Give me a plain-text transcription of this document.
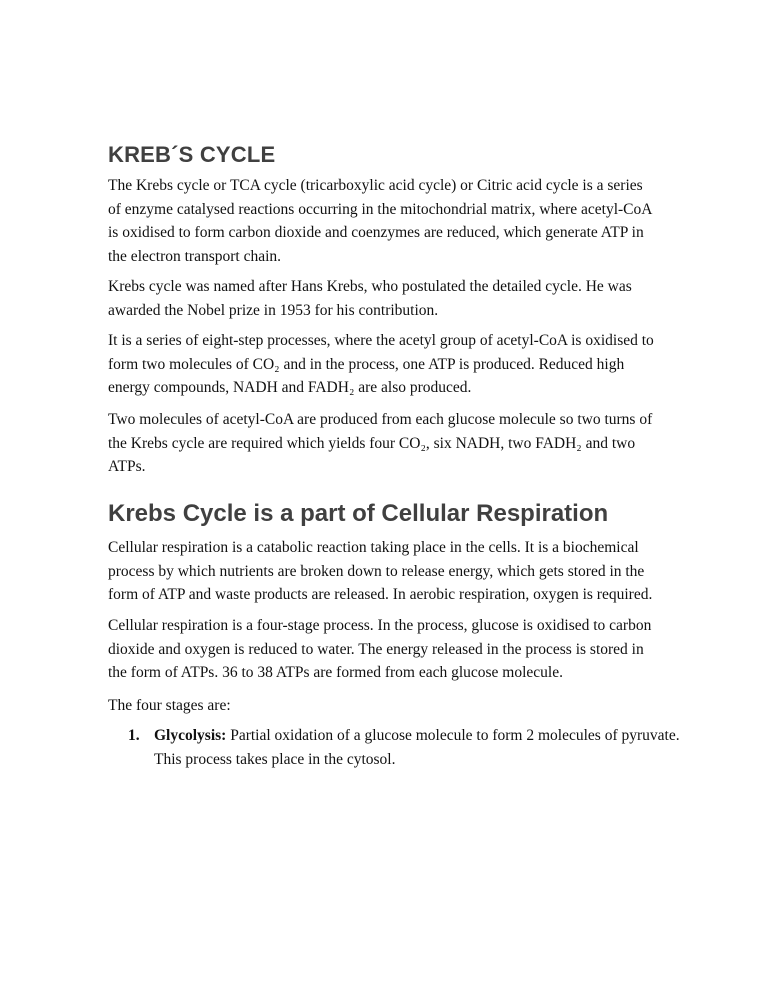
KREB´S CYCLE

The Krebs cycle or TCA cycle (tricarboxylic acid cycle) or Citric acid cycle is a series
of enzyme catalysed reactions occurring in the mitochondrial matrix, where acetyl-CoA
is oxidised to form carbon dioxide and coenzymes are reduced, which generate ATP in
the electron transport chain.

Krebs cycle was named after Hans Krebs, who postulated the detailed cycle. He was
awarded the Nobel prize in 1953 for his contribution.

It is a series of eight-step processes, where the acetyl group of acetyl-CoA is oxidised to
form two molecules of CO₂ and in the process, one ATP is produced. Reduced high
energy compounds, NADH and FADH₂ are also produced.

Two molecules of acetyl-CoA are produced from each glucose molecule so two turns of
the Krebs cycle are required which yields four CO₂, six NADH, two FADH₂ and two
ATPs.

Krebs Cycle is a part of Cellular Respiration

Cellular respiration is a catabolic reaction taking place in the cells. It is a biochemical
process by which nutrients are broken down to release energy, which gets stored in the
form of ATP and waste products are released. In aerobic respiration, oxygen is required.

Cellular respiration is a four-stage process. In the process, glucose is oxidised to carbon
dioxide and oxygen is reduced to water. The energy released in the process is stored in
the form of ATPs. 36 to 38 ATPs are formed from each glucose molecule.

The four stages are:

1. Glycolysis: Partial oxidation of a glucose molecule to form 2 molecules of pyruvate. This process takes place in the cytosol.
